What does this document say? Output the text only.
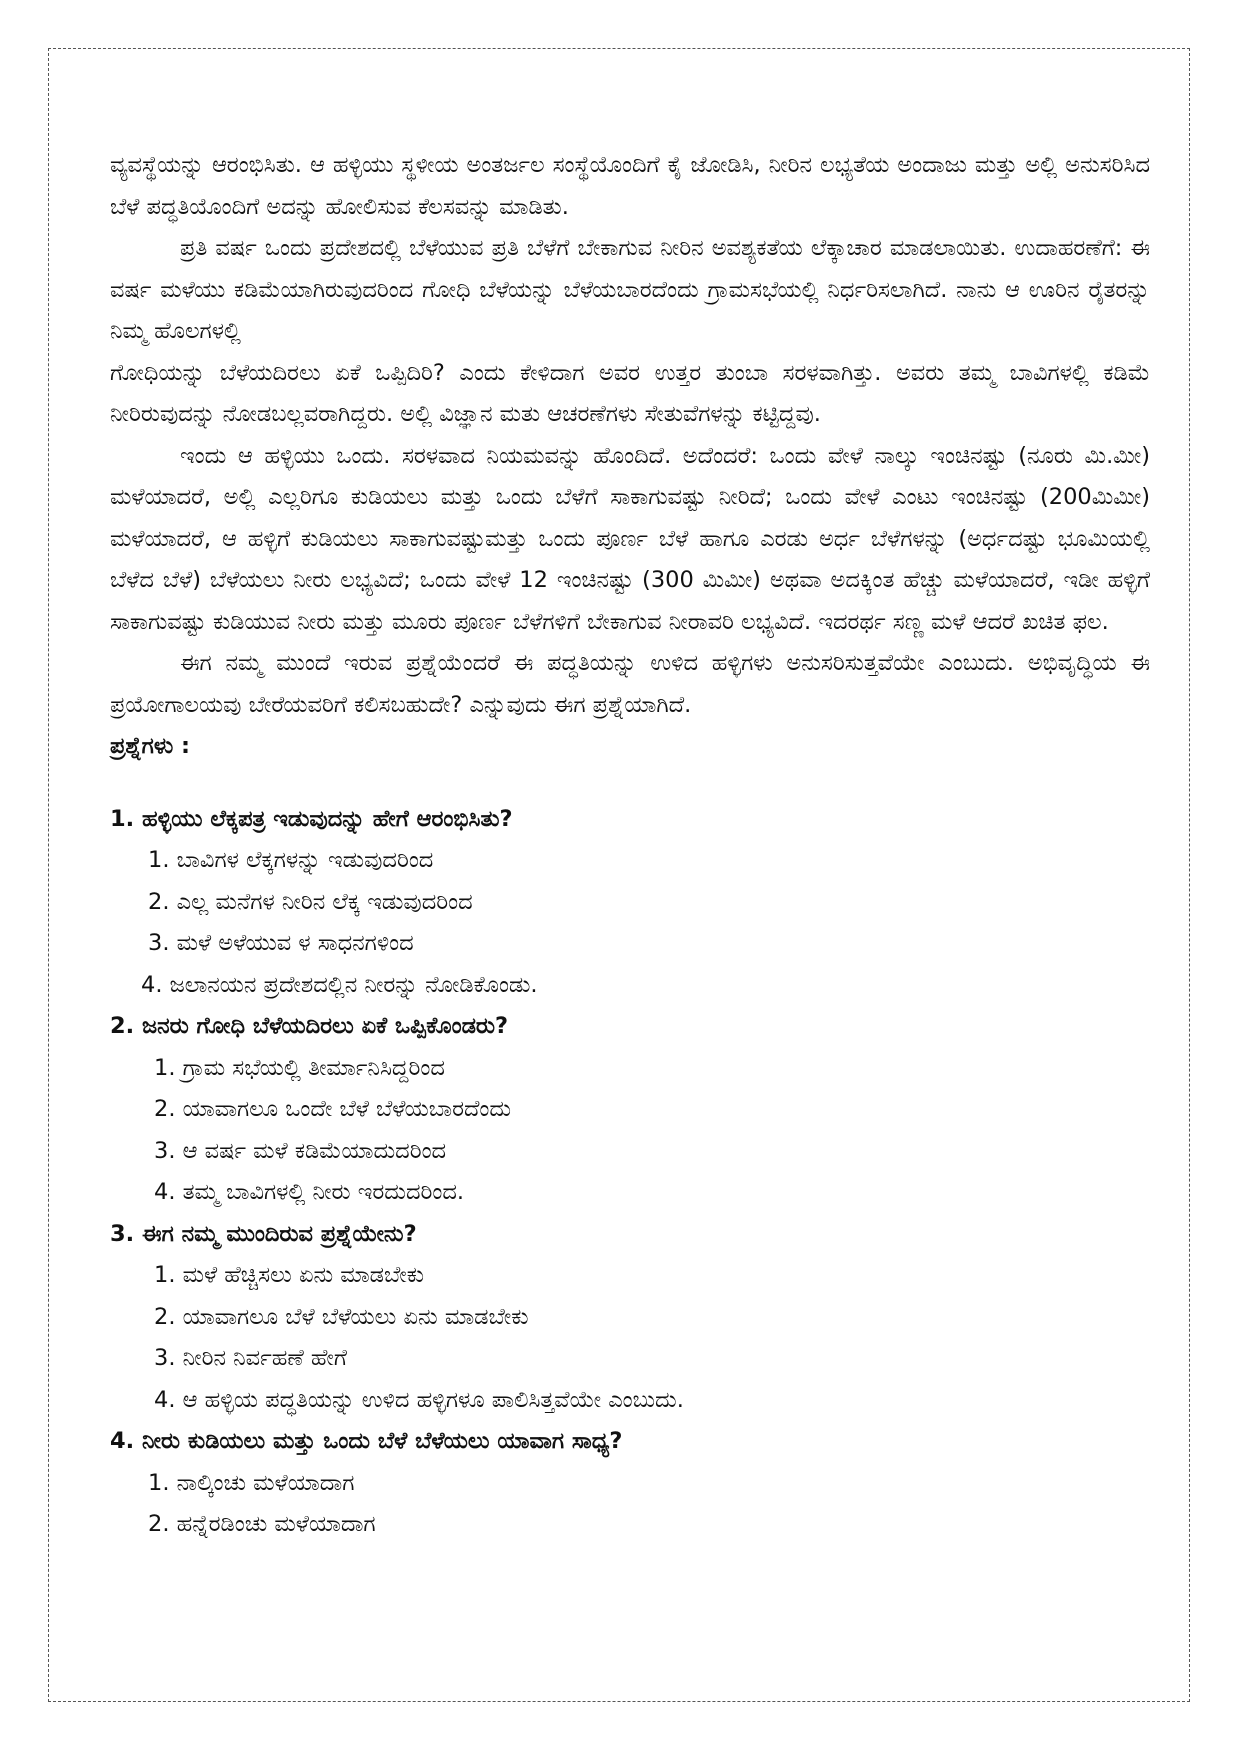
ವ್ಯವಸ್ಥೆಯನ್ನು ಆರಂಭಿಸಿತು. ಆ ಹಳ್ಳಿಯು ಸ್ಥಳೀಯ ಅಂತರ್ಜಲ ಸಂಸ್ಥೆಯೊಂದಿಗೆ ಕೈ ಜೋಡಿಸಿ, ನೀರಿನ ಲಭ್ಯತೆಯ ಅಂದಾಜು ಮತ್ತು ಅಲ್ಲಿ ಅನುಸರಿಸಿದ ಬೆಳೆ ಪದ್ಧತಿಯೊಂದಿಗೆ ಅದನ್ನು ಹೋಲಿಸುವ ಕೆಲಸವನ್ನು ಮಾಡಿತು.

ಪ್ರತಿ ವರ್ಷ ಒಂದು ಪ್ರದೇಶದಲ್ಲಿ ಬೆಳೆಯುವ ಪ್ರತಿ ಬೆಳೆಗೆ ಬೇಕಾಗುವ ನೀರಿನ ಅವಶ್ಯಕತೆಯ ಲೆಕ್ಕಾಚಾರ ಮಾಡಲಾಯಿತು. ಉದಾಹರಣೆಗೆ: ಈ ವರ್ಷ ಮಳೆಯು ಕಡಿಮೆಯಾಗಿರುವುದರಿಂದ ಗೋಧಿ ಬೆಳೆಯನ್ನು ಬೆಳೆಯಬಾರದೆಂದು ಗ್ರಾಮಸಭೆಯಲ್ಲಿ ನಿರ್ಧರಿಸಲಾಗಿದೆ. ನಾನು ಆ ಊರಿನ ರೈತರನ್ನು ನಿಮ್ಮ ಹೊಲಗಳಲ್ಲಿ

ಗೋಧಿಯನ್ನು ಬೆಳೆಯದಿರಲು ಏಕೆ ಒಪ್ಪಿದಿರಿ? ಎಂದು ಕೇಳಿದಾಗ ಅವರ ಉತ್ತರ ತುಂಬಾ ಸರಳವಾಗಿತ್ತು. ಅವರು ತಮ್ಮ ಬಾವಿಗಳಲ್ಲಿ ಕಡಿಮೆ ನೀರಿರುವುದನ್ನು ನೋಡಬಲ್ಲವರಾಗಿದ್ದರು. ಅಲ್ಲಿ ವಿಜ್ಞಾನ ಮತು ಆಚರಣೆಗಳು ಸೇತುವೆಗಳನ್ನು ಕಟ್ಟಿದ್ದವು.

ಇಂದು ಆ ಹಳ್ಳಿಯು ಒಂದು. ಸರಳವಾದ ನಿಯಮವನ್ನು ಹೊಂದಿದೆ. ಅದೆಂದರೆ: ಒಂದು ವೇಳೆ ನಾಲ್ಕು ಇಂಚಿನಷ್ಟು (ನೂರು ಮಿ.ಮೀ) ಮಳೆಯಾದರೆ, ಅಲ್ಲಿ ಎಲ್ಲರಿಗೂ ಕುಡಿಯಲು ಮತ್ತು ಒಂದು ಬೆಳೆಗೆ ಸಾಕಾಗುವಷ್ಟು ನೀರಿದೆ; ಒಂದು ವೇಳೆ ಎಂಟು ಇಂಚಿನಷ್ಟು (200ಮಿಮೀ) ಮಳೆಯಾದರೆ, ಆ ಹಳ್ಳಿಗೆ ಕುಡಿಯಲು ಸಾಕಾಗುವಷ್ಟುಮತ್ತು ಒಂದು ಪೂರ್ಣ ಬೆಳೆ ಹಾಗೂ ಎರಡು ಅರ್ಧ ಬೆಳೆಗಳನ್ನು (ಅರ್ಧದಷ್ಟು ಭೂಮಿಯಲ್ಲಿ ಬೆಳೆದ ಬೆಳೆ) ಬೆಳೆಯಲು ನೀರು ಲಭ್ಯವಿದೆ; ಒಂದು ವೇಳೆ 12 ಇಂಚಿನಷ್ಟು (300 ಮಿಮೀ) ಅಥವಾ ಅದಕ್ಕಿಂತ ಹೆಚ್ಚು ಮಳೆಯಾದರೆ, ಇಡೀ ಹಳ್ಳಿಗೆ ಸಾಕಾಗುವಷ್ಟು ಕುಡಿಯುವ ನೀರು ಮತ್ತು ಮೂರು ಪೂರ್ಣ ಬೆಳೆಗಳಿಗೆ ಬೇಕಾಗುವ ನೀರಾವರಿ ಲಭ್ಯವಿದೆ. ಇದರರ್ಥ ಸಣ್ಣ ಮಳೆ ಆದರೆ ಖಚಿತ ಫಲ.

ಈಗ ನಮ್ಮ ಮುಂದೆ ಇರುವ ಪ್ರಶ್ನೆಯೆಂದರೆ ಈ ಪದ್ಧತಿಯನ್ನು ಉಳಿದ ಹಳ್ಳಿಗಳು ಅನುಸರಿಸುತ್ತವೆಯೇ ಎಂಬುದು. ಅಭಿವೃದ್ಧಿಯ ಈ ಪ್ರಯೋಗಾಲಯವು ಬೇರೆಯವರಿಗೆ ಕಲಿಸಬಹುದೇ? ಎನ್ನುವುದು ಈಗ ಪ್ರಶ್ನೆಯಾಗಿದೆ.

ಪ್ರಶ್ನೆಗಳು :

1. ಹಳ್ಳಿಯು ಲೆಕ್ಕಪತ್ರ ಇಡುವುದನ್ನು ಹೇಗೆ ಆರಂಭಿಸಿತು?

1. ಬಾವಿಗಳ ಲೆಕ್ಕಗಳನ್ನು ಇಡುವುದರಿಂದ
2. ಎಲ್ಲ ಮನೆಗಳ ನೀರಿನ ಲೆಕ್ಕ ಇಡುವುದರಿಂದ
3. ಮಳೆ ಅಳೆಯುವ ಳ ಸಾಧನಗಳಿಂದ
4. ಜಲಾನಯನ ಪ್ರದೇಶದಲ್ಲಿನ ನೀರನ್ನು ನೋಡಿಕೊಂಡು.

2. ಜನರು ಗೋಧಿ ಬೆಳೆಯದಿರಲು ಏಕೆ ಒಪ್ಪಿಕೊಂಡರು?

1. ಗ್ರಾಮ ಸಭೆಯಲ್ಲಿ ತೀರ್ಮಾನಿಸಿದ್ದರಿಂದ
2. ಯಾವಾಗಲೂ ಒಂದೇ ಬೆಳೆ ಬೆಳೆಯಬಾರದೆಂದು
3. ಆ ವರ್ಷ ಮಳೆ ಕಡಿಮೆಯಾದುದರಿಂದ
4. ತಮ್ಮ ಬಾವಿಗಳಲ್ಲಿ ನೀರು ಇರದುದರಿಂದ.

3. ಈಗ ನಮ್ಮ ಮುಂದಿರುವ ಪ್ರಶ್ನೆಯೇನು?

1. ಮಳೆ ಹೆಚ್ಚಿಸಲು ಏನು ಮಾಡಬೇಕು
2. ಯಾವಾಗಲೂ ಬೆಳೆ ಬೆಳೆಯಲು ಏನು ಮಾಡಬೇಕು
3. ನೀರಿನ ನಿರ್ವಹಣೆ ಹೇಗೆ
4. ಆ ಹಳ್ಳಿಯ ಪದ್ಧತಿಯನ್ನು ಉಳಿದ ಹಳ್ಳಿಗಳೂ ಪಾಲಿಸಿತ್ತವೆಯೇ ಎಂಬುದು.

4. ನೀರು ಕುಡಿಯಲು ಮತ್ತು ಒಂದು ಬೆಳೆ ಬೆಳೆಯಲು ಯಾವಾಗ ಸಾಧ್ಯ?

1. ನಾಲ್ಕಿಂಚು ಮಳೆಯಾದಾಗ
2. ಹನ್ನೆರಡಿಂಚು ಮಳೆಯಾದಾಗ
